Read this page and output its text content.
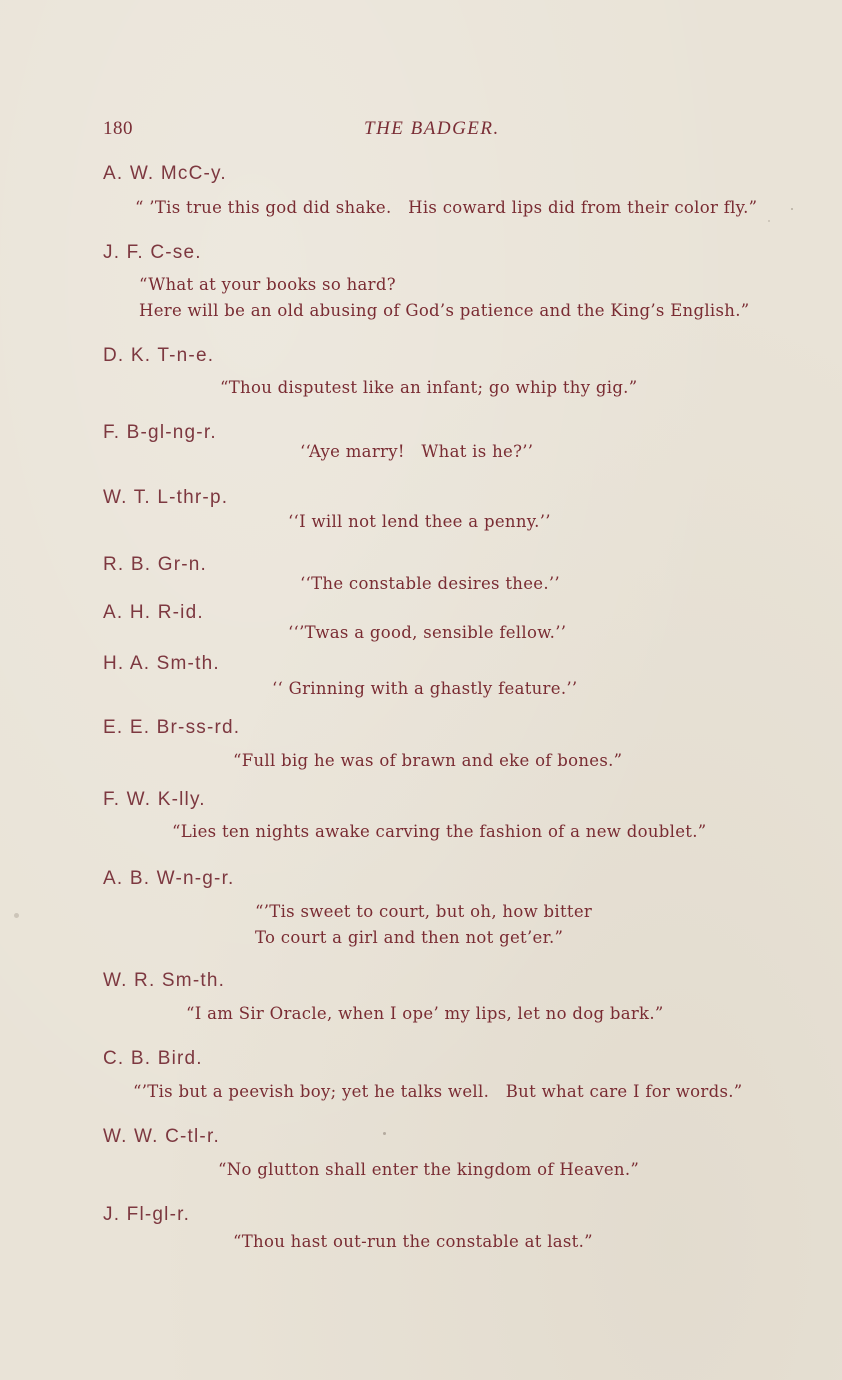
180	THE BADGER.
A. W. McC-y.
“ ’Tis true this god did shake.   His coward lips did from their color fly.”
J. F. C-se.
“What at your books so hard?
Here will be an old abusing of God’s patience and the King’s English.”
D. K. T-n-e.
“Thou disputest like an infant; go whip thy gig.”
F. B-gl-ng-r.
‘‘Aye marry!   What is he?’’
W. T. L-thr-p.
‘‘I will not lend thee a penny.’’
R. B. Gr-n.
‘‘The constable desires thee.’’
A. H. R-id.
‘‘’Twas a good, sensible fellow.’’
H. A. Sm-th.
‘‘ Grinning with a ghastly feature.’’
E. E. Br-ss-rd.
“Full big he was of brawn and eke of bones.”
F. W. K-lly.
“Lies ten nights awake carving the fashion of a new doublet.”
A. B. W-n-g-r.
“’Tis sweet to court, but oh, how bitter
To court a girl and then not get’er.”
W. R. Sm-th.
“I am Sir Oracle, when I ope’ my lips, let no dog bark.”
C. B. Bird.
“’Tis but a peevish boy; yet he talks well.   But what care I for words.”
W. W. C-tl-r.
“No glutton shall enter the kingdom of Heaven.”
J. Fl-gl-r.
“Thou hast out-run the constable at last.”
